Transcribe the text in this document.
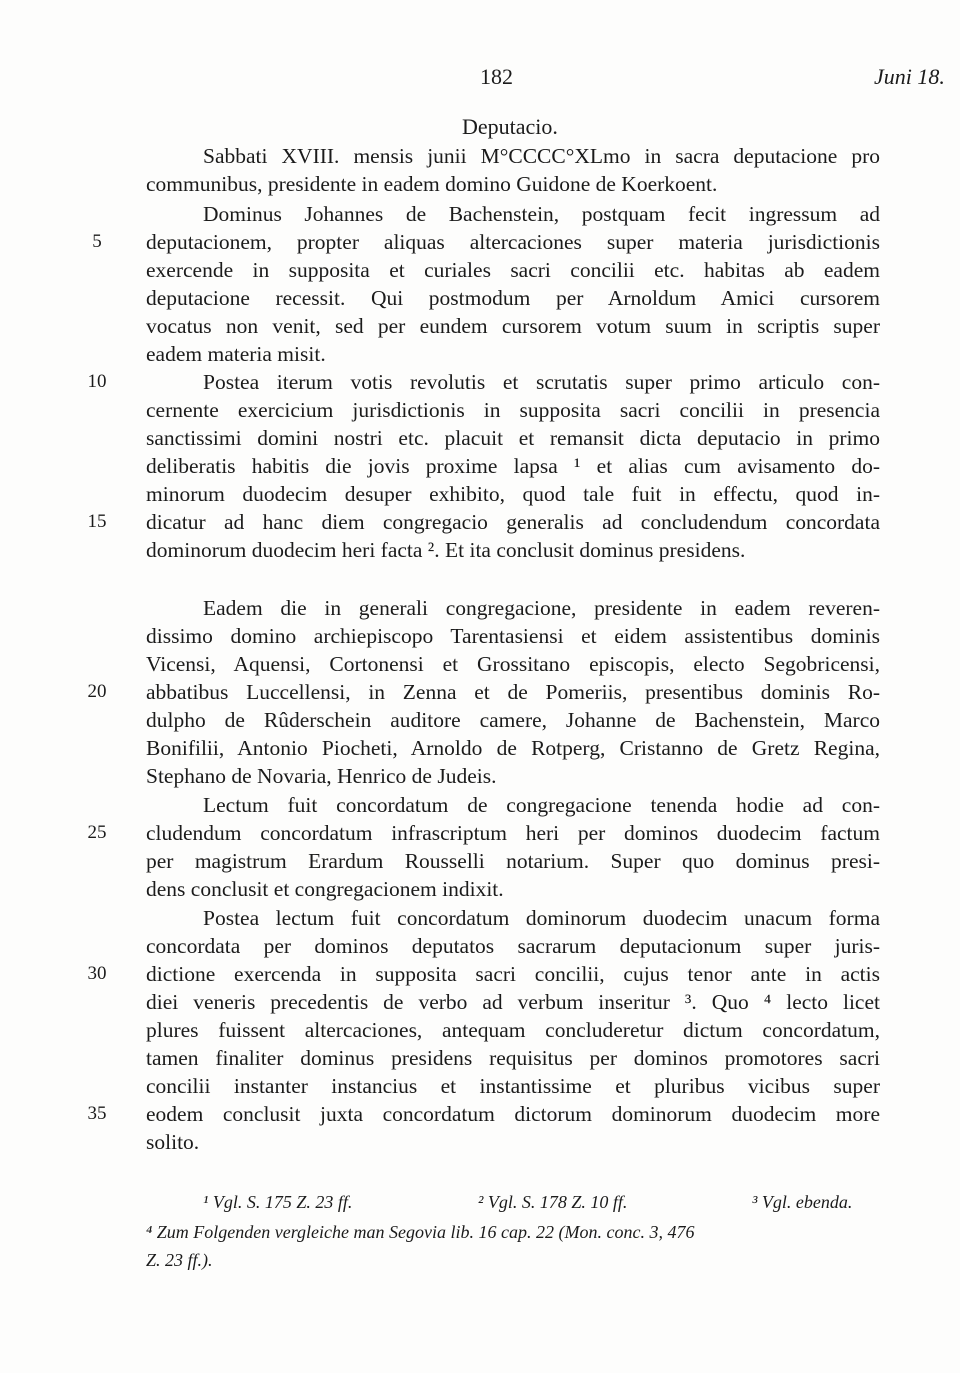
182	Juni 18.
Deputacio.
Sabbati XVIII. mensis junii M°CCCC°XLmo in sacra deputacione pro
communibus, presidente in eadem domino Guidone de Koerkoent.
Dominus Johannes de Bachenstein, postquam fecit ingressum ad
deputacionem, propter aliquas altercaciones super materia jurisdictionis
exercende in supposita et curiales sacri concilii etc. habitas ab eadem
deputacione recessit. Qui postmodum per Arnoldum Amici cursorem
vocatus non venit, sed per eundem cursorem votum suum in scriptis super
eadem materia misit.
Postea iterum votis revolutis et scrutatis super primo articulo con-
cernente exercicium jurisdictionis in supposita sacri concilii in presencia
sanctissimi domini nostri etc. placuit et remansit dicta deputacio in primo
deliberatis habitis die jovis proxime lapsa ¹ et alias cum avisamento do-
minorum duodecim desuper exhibito, quod tale fuit in effectu, quod in-
dicatur ad hanc diem congregacio generalis ad concludendum concordata
dominorum duodecim heri facta ². Et ita conclusit dominus presidens.
Eadem die in generali congregacione, presidente in eadem reveren-
dissimo domino archiepiscopo Tarentasiensi et eidem assistentibus dominis
Vicensi, Aquensi, Cortonensi et Grossitano episcopis, electo Segobricensi,
abbatibus Luccellensi, in Zenna et de Pomeriis, presentibus dominis Ro-
dulpho de Rûderschein auditore camere, Johanne de Bachenstein, Marco
Bonifilii, Antonio Piocheti, Arnoldo de Rotperg, Cristanno de Gretz Regina,
Stephano de Novaria, Henrico de Judeis.
Lectum fuit concordatum de congregacione tenenda hodie ad con-
cludendum concordatum infrascriptum heri per dominos duodecim factum
per magistrum Erardum Rousselli notarium. Super quo dominus presi-
dens conclusit et congregacionem indixit.
Postea lectum fuit concordatum dominorum duodecim unacum forma
concordata per dominos deputatos sacrarum deputacionum super juris-
dictione exercenda in supposita sacri concilii, cujus tenor ante in actis
diei veneris precedentis de verbo ad verbum inseritur ³. Quo ⁴ lecto licet
plures fuissent altercaciones, antequam concluderetur dictum concordatum,
tamen finaliter dominus presidens requisitus per dominos promotores sacri
concilii instanter instancius et instantissime et pluribus vicibus super
eodem conclusit juxta concordatum dictorum dominorum duodecim more
solito.
5
10
15
20
25
30
35
¹ Vgl. S. 175 Z. 23 ff.	² Vgl. S. 178 Z. 10 ff.	³ Vgl. ebenda.
⁴ Zum Folgenden vergleiche man Segovia lib. 16 cap. 22 (Mon. conc. 3, 476
Z. 23 ff.).
